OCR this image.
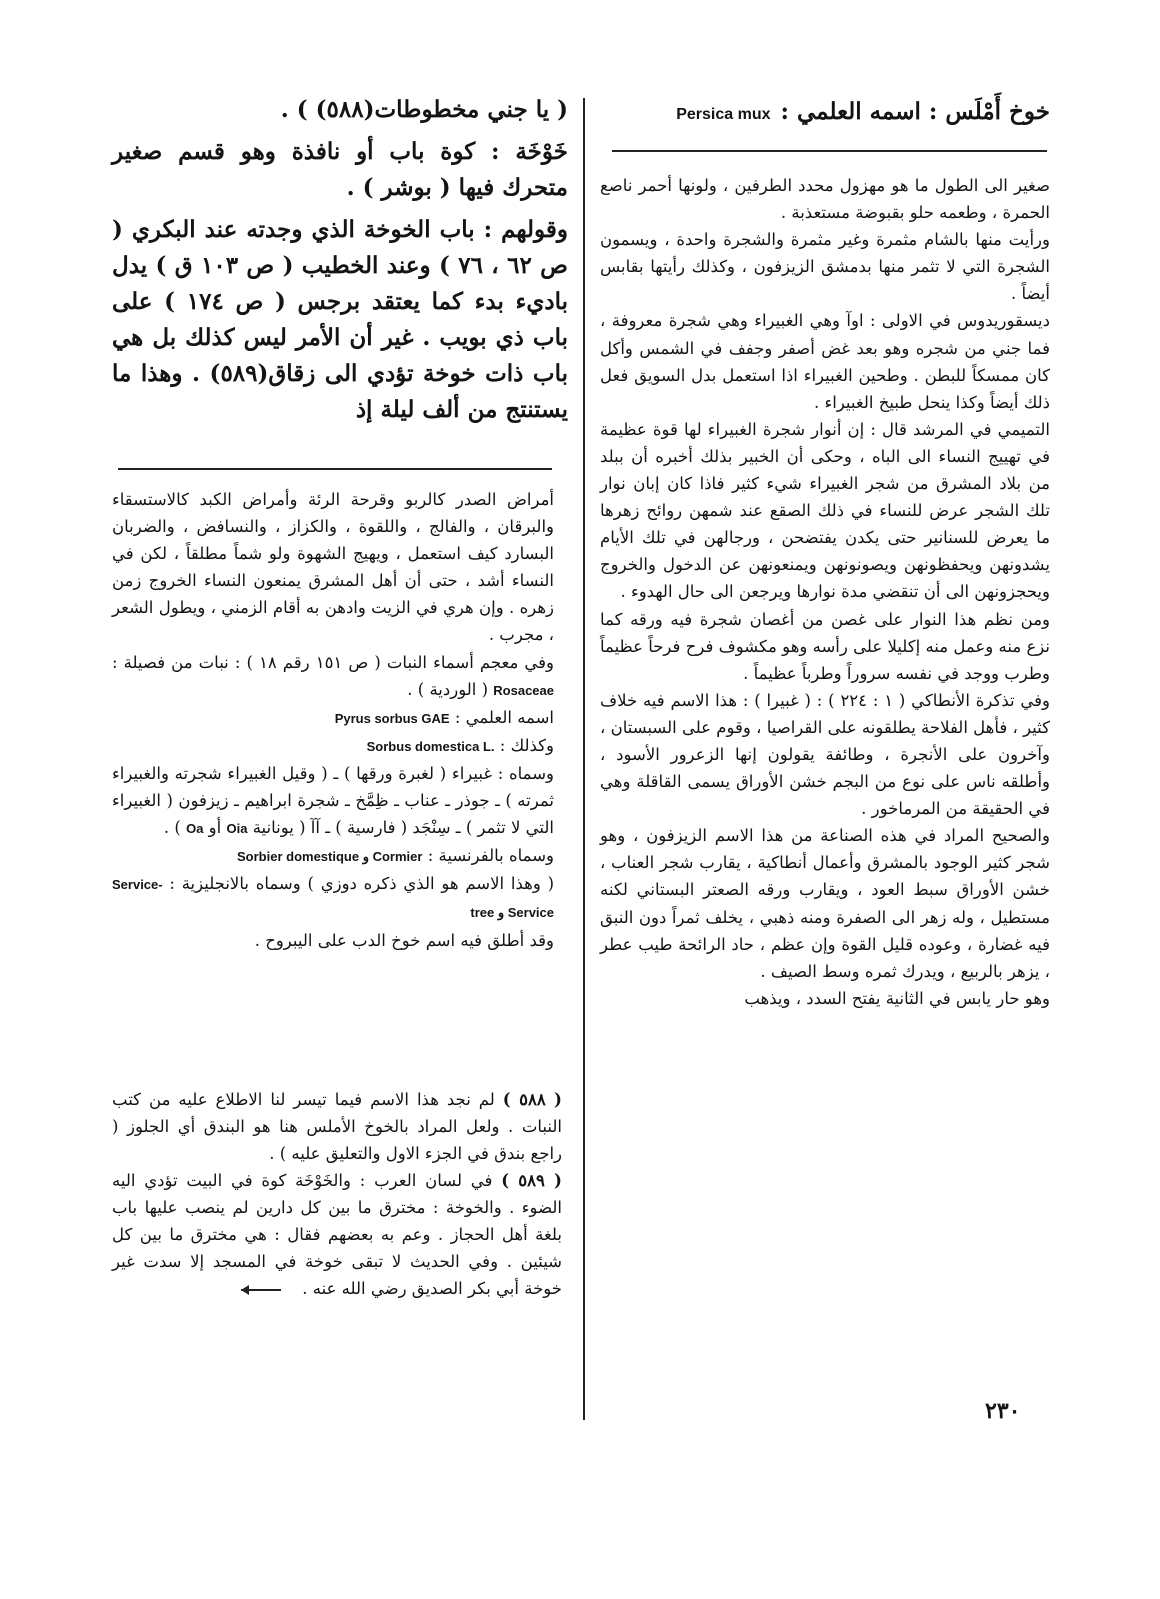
خوخ أَمْلَس : اسمه العلمي :
Persica mux

صغير الى الطول ما هو مهزول محدد الطرفين ، ولونها أحمر ناصع الحمرة ، وطعمه حلو بقبوضة مستعذبة .

ورأيت منها بالشام مثمرة وغير مثمرة والشجرة واحدة ، ويسمون الشجرة التي لا تثمر منها بدمشق الزيزفون ، وكذلك رأيتها بقابس أيضاً .

ديسقوريدوس في الاولى : اوآ وهي الغبيراء وهي شجرة معروفة ، فما جني من شجره وهو بعد غض أصفر وجفف في الشمس وأكل كان ممسكاً للبطن . وطحين الغبيراء اذا استعمل بدل السويق فعل ذلك أيضاً وكذا ينحل طبيخ الغبيراء .

التميمي في المرشد قال : إن أنوار شجرة الغبيراء لها قوة عظيمة في تهييج النساء الى الباه ، وحكى أن الخبير بذلك أخبره أن ببلد من بلاد المشرق من شجر الغبيراء شيء كثير فاذا كان إبان نوار تلك الشجر عرض للنساء في ذلك الصقع عند شمهن روائح زهرها ما يعرض للسنانير حتى يكدن يفتضحن ، ورجالهن في تلك الأيام يشدونهن ويحفظونهن ويصونونهن ويمنعونهن عن الدخول والخروج ويحجزونهن الى أن تنقضي مدة نوارها ويرجعن الى حال الهدوء .

ومن نظم هذا النوار على غصن من أغصان شجرة فيه ورقه كما نزع منه وعمل منه إكليلا على رأسه وهو مكشوف فرح فرحاً عظيماً وطرب ووجد في نفسه سروراً وطرباً عظيماً .

وفي تذكرة الأنطاكي ( ١ : ٢٢٤ ) : ( غبيرا ) : هذا الاسم فيه خلاف كثير ، فأهل الفلاحة يطلقونه على القراصيا ، وقوم على السبستان ، وآخرون على الأنجرة ، وطائفة يقولون إنها الزعرور الأسود ، وأطلقه ناس على نوع من البجم خشن الأوراق يسمى القاقلة وهي في الحقيقة من المرماخور .

والصحيح المراد في هذه الصناعة من هذا الاسم الزيزفون ، وهو شجر كثير الوجود بالمشرق وأعمال أنطاكية ، يقارب شجر العناب ، خشن الأوراق سبط العود ، ويقارب ورقه الصعتر البستاني لكنه مستطيل ، وله زهر الى الصفرة ومنه ذهبي ، يخلف ثمراً دون النبق فيه غضارة ، وعوده قليل القوة وإن عظم ، حاد الرائحة طيب عطر ، يزهر بالربيع ، ويدرك ثمره وسط الصيف .

وهو حار يابس في الثانية يفتح السدد ، ويذهب

( يا جني مخطوطات(٥٨٨) ) .

خَوْخَة : كوة باب أو نافذة وهو قسم صغير متحرك فيها ( بوشر ) .

وقولهم : باب الخوخة الذي وجدته عند البكري ( ص ٦٢ ، ٧٦ ) وعند الخطيب ( ص ١٠٣ ق ) يدل باديء بدء كما يعتقد برجس ( ص ١٧٤ ) على باب ذي بويب . غير أن الأمر ليس كذلك بل هي باب ذات خوخة تؤدي الى زقاق(٥٨٩) . وهذا ما يستنتج من ألف ليلة إذ

أمراض الصدر كالربو وقرحة الرئة وأمراض الكبد كالاستسقاء والبرقان ، والفالج ، واللقوة ، والكزاز ، والنسافض ، والضربان البسارد كيف استعمل ، ويهيج الشهوة ولو شماً مطلقاً ، لكن في النساء أشد ، حتى أن أهل المشرق يمنعون النساء الخروج زمن زهره . وإن هري في الزيت وادهن به أقام الزمني ، ويطول الشعر ، مجرب .

وفي معجم أسماء النبات ( ص ١٥١ رقم ١٨ ) : نبات من فصيلة : Rosaceae ( الوردية ) .

اسمه العلمي : Pyrus sorbus GAE

وكذلك : Sorbus domestica L.

وسماه : غبيراء ( لغبرة ورقها ) ـ ( وقيل الغبيراء شجرته والغبيراء ثمرته ) ـ جوذر ـ عناب ـ ظِمَّخ ـ شجرة ابراهيم ـ زيزفون ( الغبيراء التي لا تثمر ) ـ سِنْجَد ( فارسية ) ـ آآ ( يونانية Oia أو Oa ) .

وسماه بالفرنسية : Sorbier domestique و Cormier

( وهذا الاسم هو الذي ذكره دوزي ) وسماه بالانجليزية : Service-tree و Service

وقد أطلق فيه اسم خوخ الدب على اليبروح .

( ٥٨٨ ) لم نجد هذا الاسم فيما تيسر لنا الاطلاع عليه من كتب النبات . ولعل المراد بالخوخ الأملس هنا هو البندق أي الجلوز ( راجع بندق في الجزء الاول والتعليق عليه ) .

( ٥٨٩ ) في لسان العرب : والخَوْخَة كوة في البيت تؤدي اليه الضوء . والخوخة : مخترق ما بين كل دارين لم ينصب عليها باب بلغة أهل الحجاز . وعم به بعضهم فقال : هي مخترق ما بين كل شيئين . وفي الحديث لا تبقى خوخة في المسجد إلا سدت غير خوخة أبي بكر الصديق رضي الله عنه .

٢٣٠
